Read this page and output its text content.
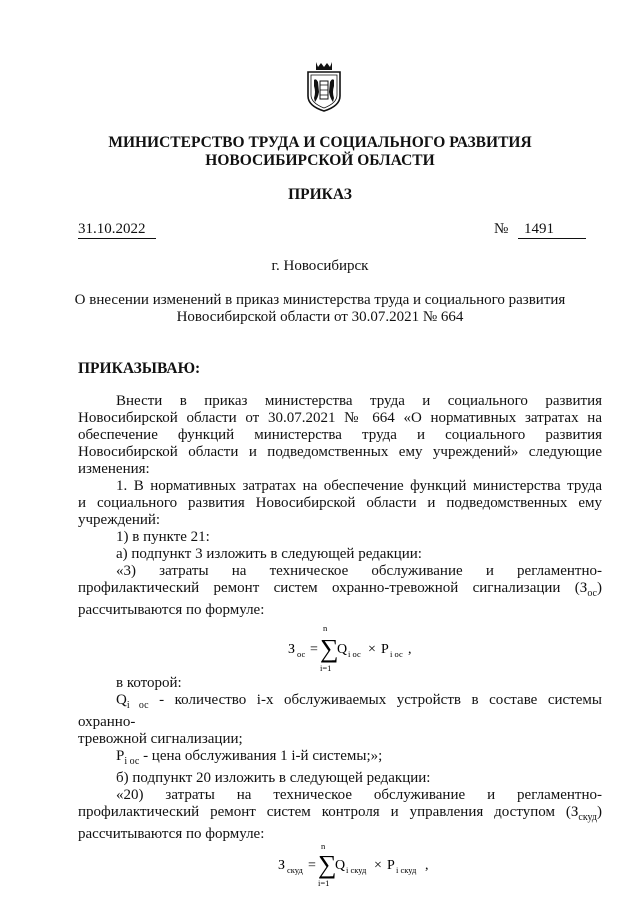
МИНИСТЕРСТВО ТРУДА И СОЦИАЛЬНОГО РАЗВИТИЯ
НОВОСИБИРСКОЙ ОБЛАСТИ
ПРИКАЗ
31.10.2022	№	1491
г. Новосибирск
О внесении изменений в приказ министерства труда и социального развития
Новосибирской области от 30.07.2021 № 664
ПРИКАЗЫВАЮ:

Внести в приказ министерства труда и социального развития

Новосибирской области от 30.07.2021 № 664 «О нормативных затратах на

обеспечение функций министерства труда и социального развития

Новосибирской области и подведомственных ему учреждений» следующие

изменения:

1. В нормативных затратах на обеспечение функций министерства труда

и социального развития Новосибирской области и подведомственных ему

учреждений:

1) в пункте 21:

а) подпункт 3 изложить в следующей редакции:

«3) затраты на техническое обслуживание и регламентно-

профилактический ремонт систем охранно-тревожной сигнализации $(З_{ос})$

рассчитываются по формуле:

З ос =
n
∑
i=1
Q i ос × P i ос ,

в которой:

$Q_{i ос}$ - количество i-х обслуживаемых устройств в составе системы охранно-

тревожной сигнализации;

$P_{i ос}$ - цена обслуживания 1 i-й системы;»;

б) подпункт 20 изложить в следующей редакции:

«20) затраты на техническое обслуживание и регламентно-

профилактический ремонт систем контроля и управления доступом $(З_{скуд})$

рассчитываются по формуле:

З скуд =
n
∑
i=1
Q i скуд × P i скуд ,
